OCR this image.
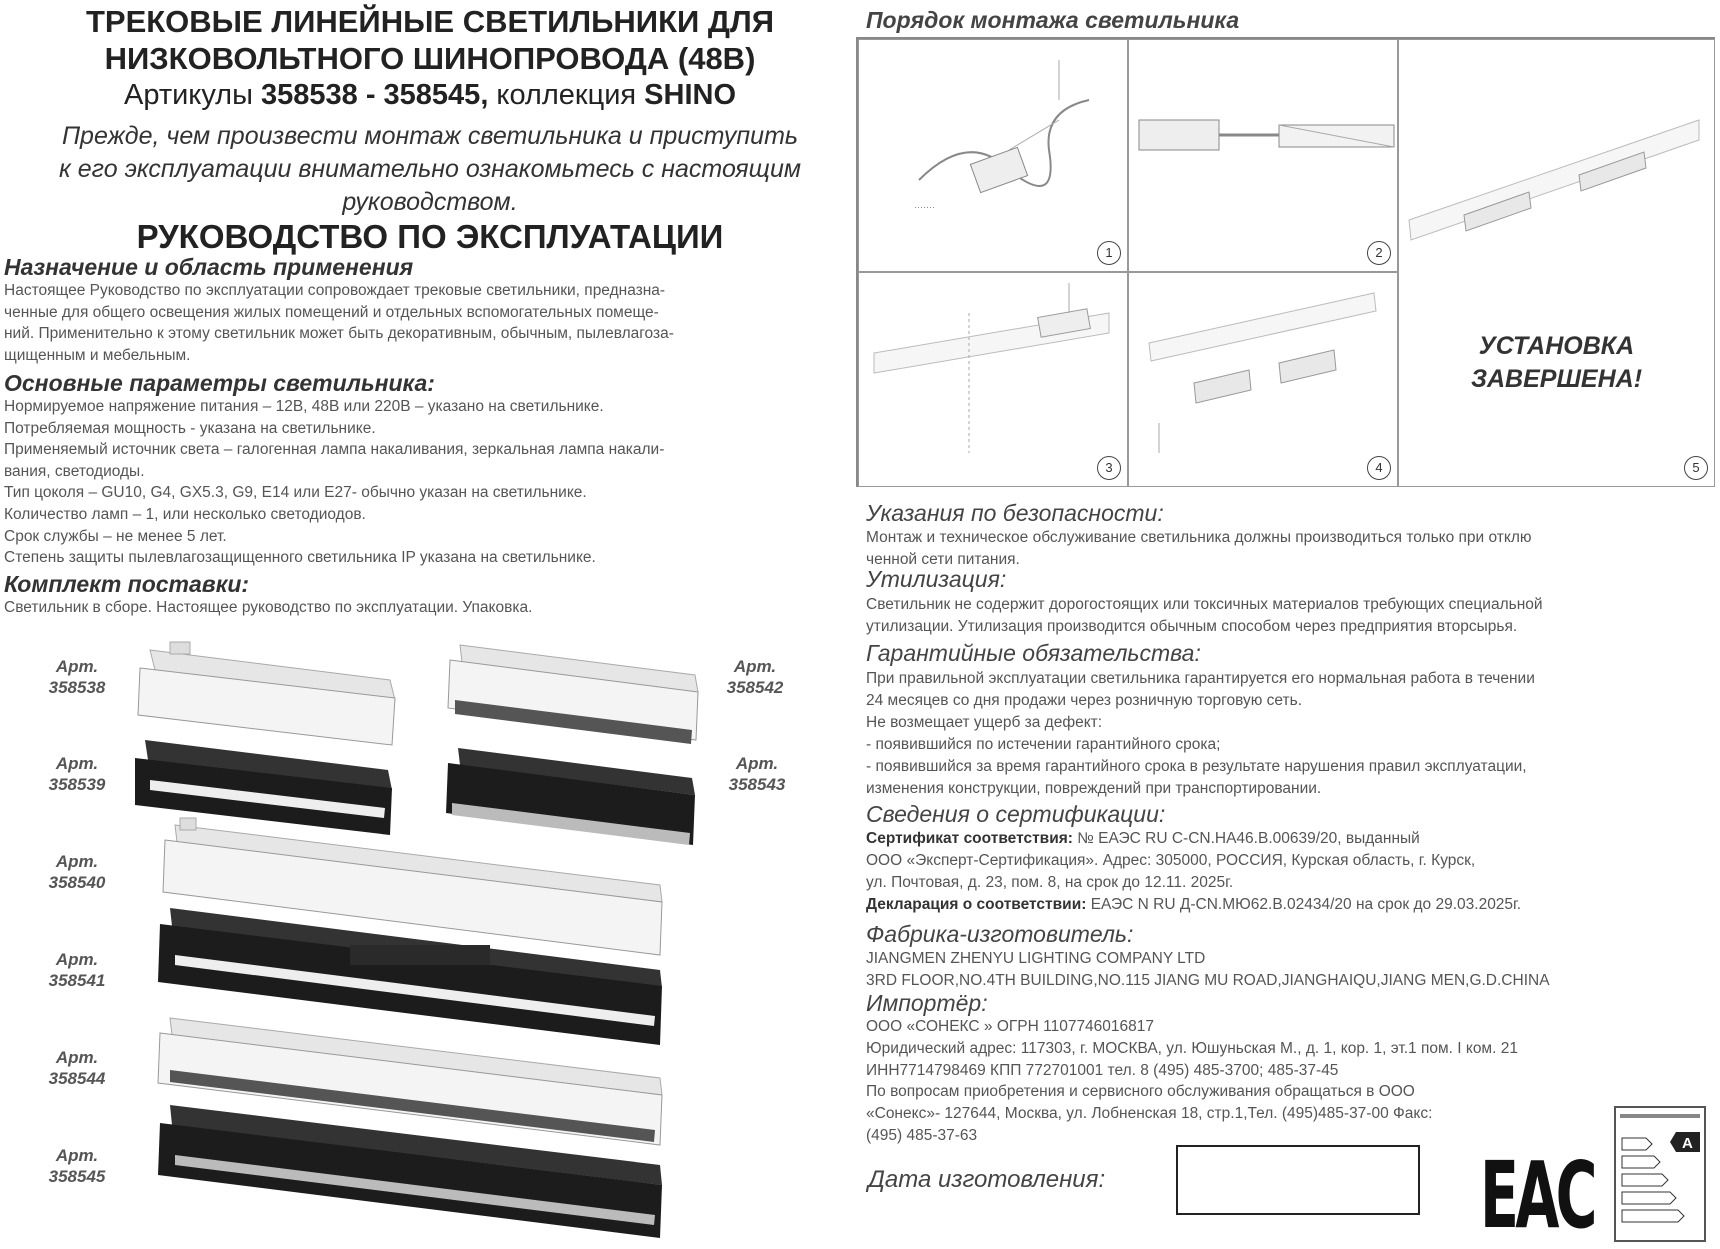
ТРЕКОВЫЕ ЛИНЕЙНЫЕ СВЕТИЛЬНИКИ ДЛЯ
НИЗКОВОЛЬТНОГО ШИНОПРОВОДА (48В)
Артикулы 358538 - 358545, коллекция SHINO
Прежде, чем произвести монтаж светильника и приступить
к его эксплуатации внимательно ознакомьтесь с настоящим
руководством.
РУКОВОДСТВО ПО ЭКСПЛУАТАЦИИ
Назначение и область применения
Настоящее Руководство по эксплуатации сопровождает трековые светильники, предназна-
ченные для общего освещения жилых помещений и отдельных вспомогательных помеще-
ний. Применительно к этому светильник может быть декоративным, обычным, пылевлагоза-
щищенным и мебельным.
Основные параметры светильника:
Нормируемое напряжение питания – 12В, 48В или 220В – указано на светильнике.
Потребляемая мощность - указана на светильнике.
Применяемый источник света – галогенная лампа накаливания, зеркальная лампа накали-
вания, светодиоды.
Тип цоколя – GU10, G4, GX5.3, G9, E14 или E27- обычно указан на светильнике.
Количество ламп – 1, или несколько светодиодов.
Срок службы – не менее 5 лет.
Степень защиты пылевлагозащищенного светильника IP указана на светильнике.
Комплект поставки:
Светильник в сборе. Настоящее руководство по эксплуатации. Упаковка.
Арт.
358538
Арт.
358539
Арт.
358540
Арт.
358541
Арт.
358544
Арт.
358545
Арт.
358542
Арт.
358543
Порядок монтажа светильника
·······
1	2
УСТАНОВКА
ЗАВЕРШЕНА!
5
3	4
Указания по безопасности:
Монтаж и техническое обслуживание светильника должны производиться только при отклю
ченной сети питания.
Утилизация:
Светильник не содержит дорогостоящих или токсичных материалов требующих специальной
утилизации. Утилизация производится обычным способом через предприятия вторсырья.
Гарантийные обязательства:
При правильной эксплуатации светильника гарантируется его нормальная работа в течении
24 месяцев со дня продажи через розничную торговую сеть.
Не возмещает ущерб за дефект:
- появившийся по истечении гарантийного срока;
- появившийся за время гарантийного срока в результате нарушения правил эксплуатации,
изменения конструкции, повреждений при транспортировании.
Сведения о сертификации:
Сертификат соответствия: № ЕАЭС RU C-CN.НА46.В.00639/20, выданный
ООО «Эксперт-Сертификация». Адрес: 305000, РОССИЯ, Курская область, г. Курск,
ул. Почтовая, д. 23, пом. 8, на срок до 12.11. 2025г.
Декларация о соответствии: ЕАЭС N RU Д-CN.МЮ62.В.02434/20 на срок до 29.03.2025г.
Фабрика-изготовитель:
JIANGMEN ZHENYU LIGHTING COMPANY LTD
3RD FLOOR,NO.4TH BUILDING,NO.115 JIANG MU ROAD,JIANGHAIQU,JIANG MEN,G.D.CHINA
Импортёр:
ООО «СОНЕКС » ОГРН 1107746016817
Юридический адрес: 117303, г. МОСКВА, ул. Юшуньская М., д. 1, кор. 1, эт.1 пом. I ком. 21
ИНН7714798469 КПП 772701001 тел. 8 (495) 485-3700; 485-37-45
По вопросам приобретения и сервисного обслуживания обращаться в ООО
«Сонекс»- 127644, Москва, ул. Лобненская 18, стр.1,Тел. (495)485-37-00 Факс:
(495) 485-37-63
Дата изготовления:	EAC	A
